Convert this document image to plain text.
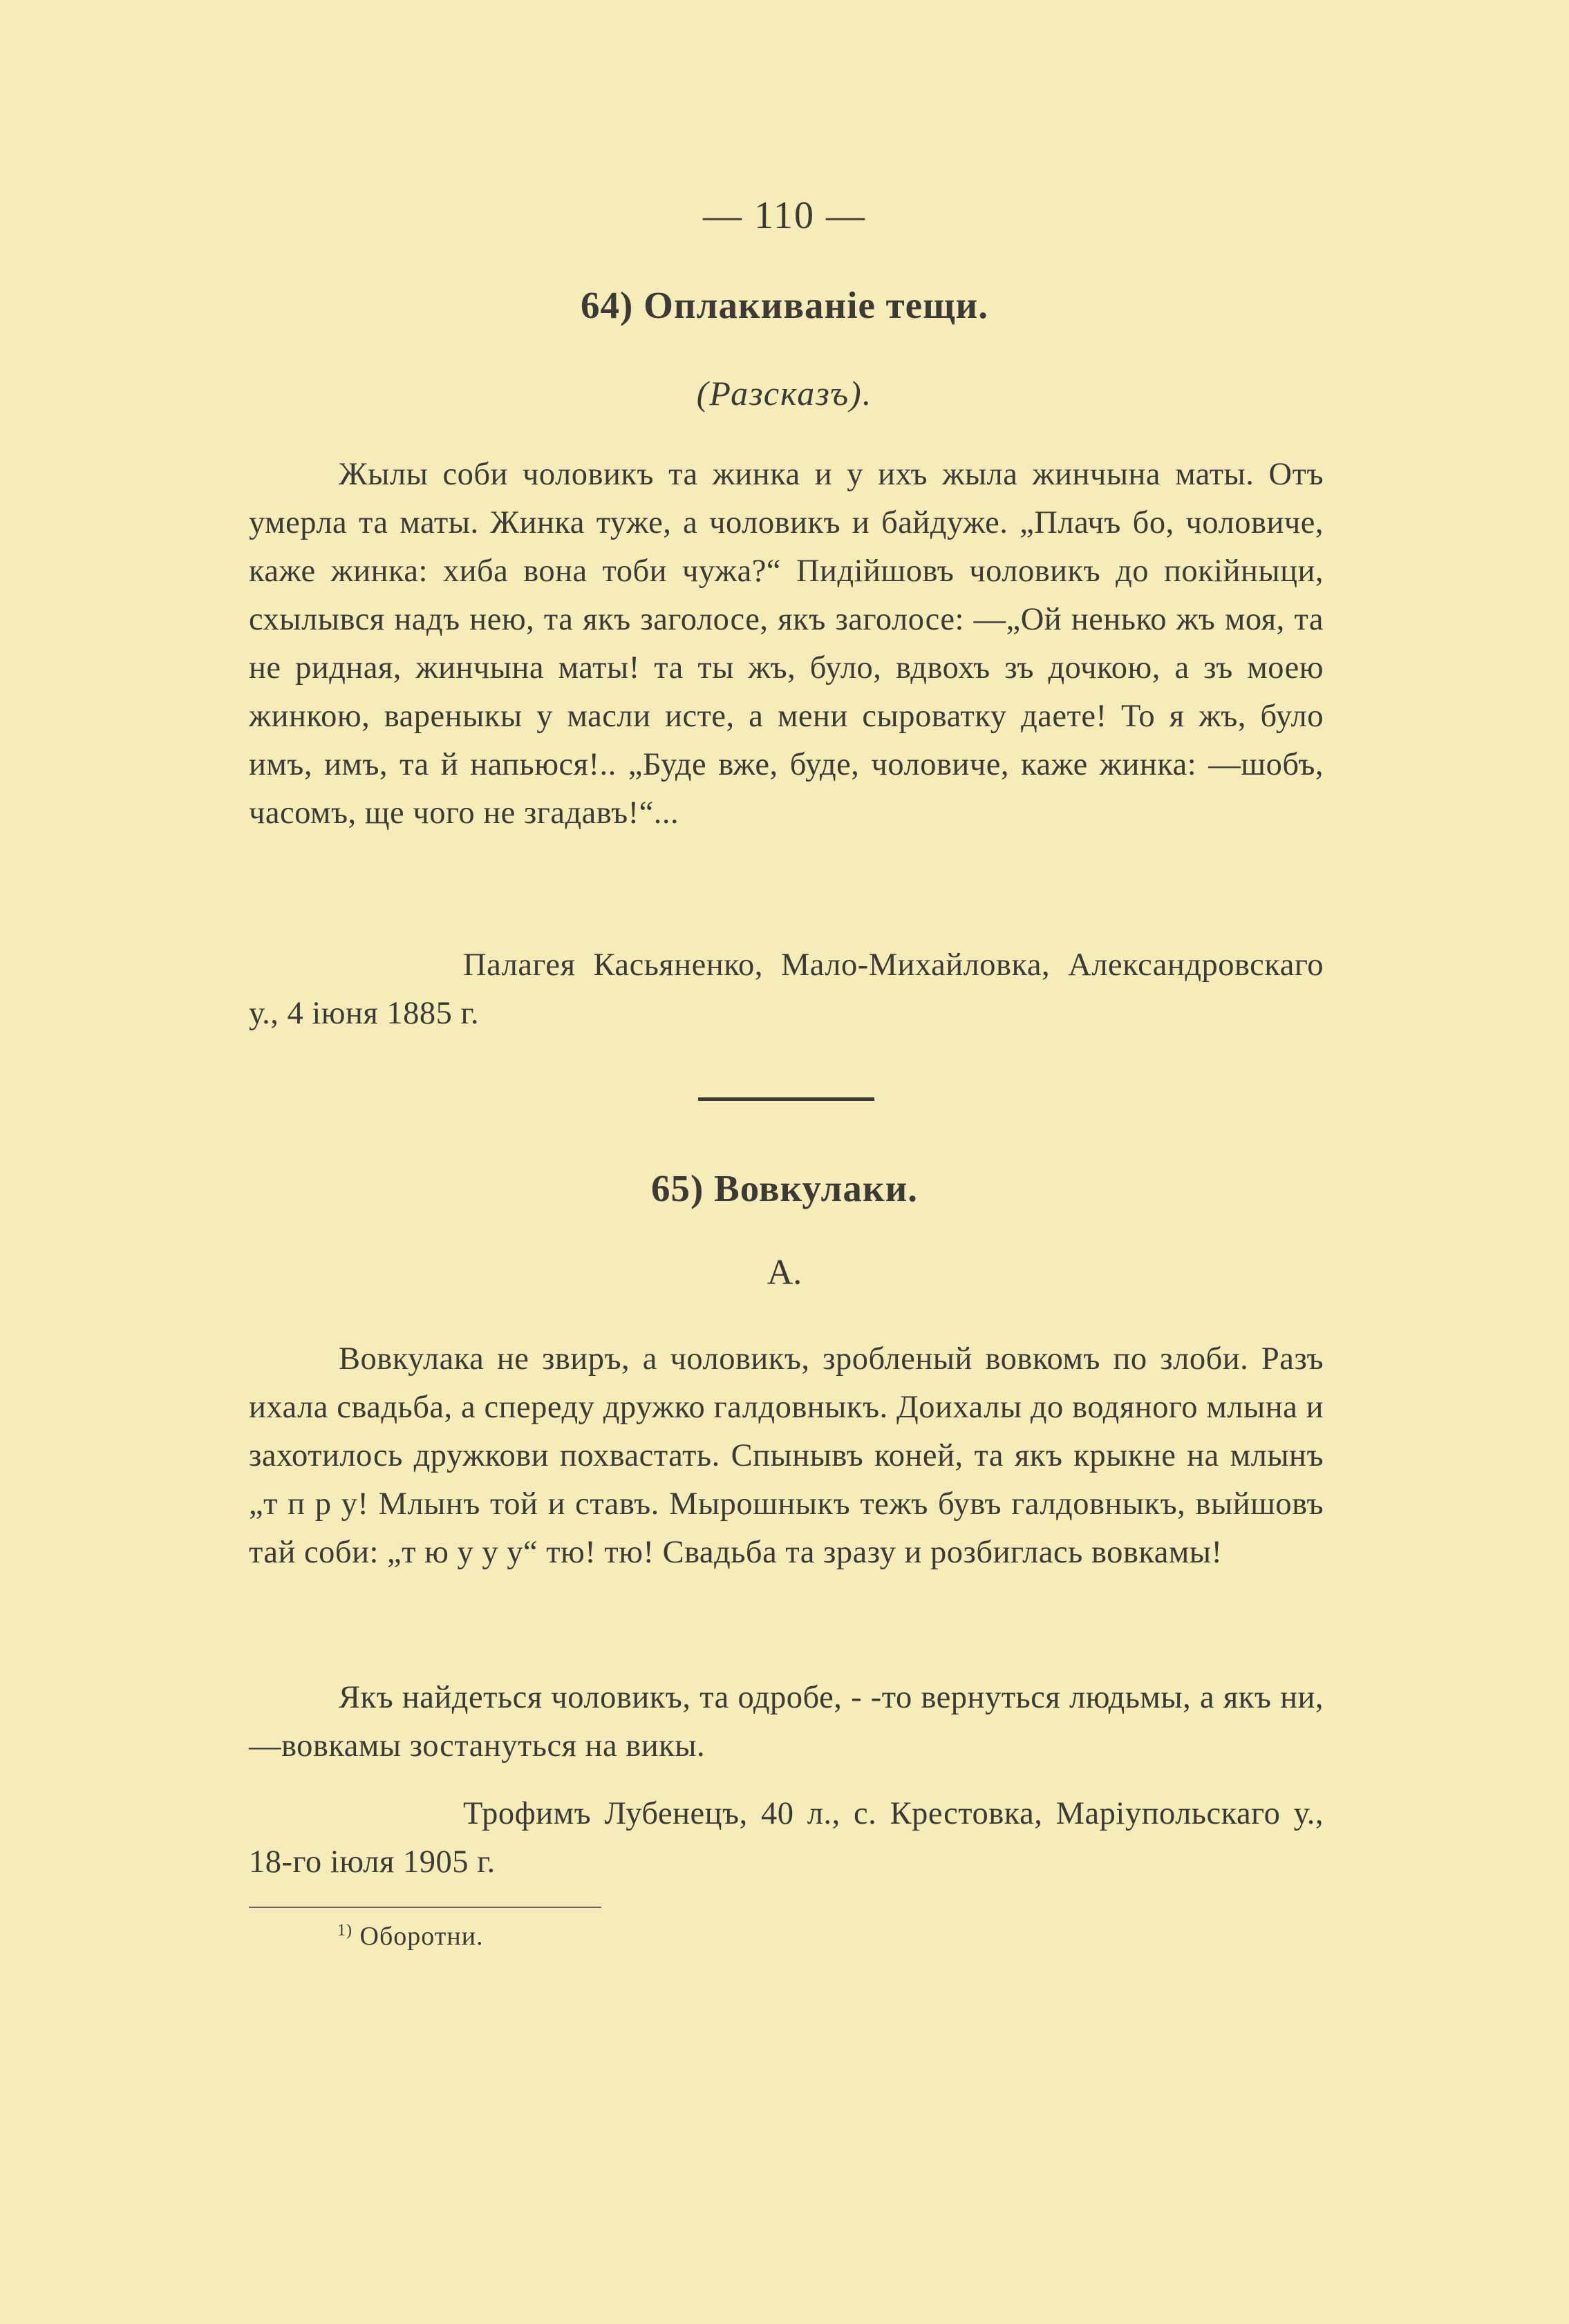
— 110 —
64) Оплакиваніе тещи.
(Разсказъ).
Жылы соби чоловикъ та жинка и у ихъ жыла жинчына маты. Отъ умерла та маты. Жинка туже, а чоловикъ и байдуже. „Плачъ бо, чоловиче, каже жинка: хиба вона тоби чужа?“ Пидійшовъ чоловикъ до покійныци, схылывся надъ нею, та якъ заголосе, якъ заголосе: —„Ой ненько жъ моя, та не ридная, жинчына маты! та ты жъ, було, вдвохъ зъ дочкою, а зъ моею жинкою, вареныкы у масли исте, а мени сыроватку даете! То я жъ, було имъ, имъ, та й напьюся!.. „Буде вже, буде, чоловиче, каже жинка: —шобъ, часомъ, ще чого не згадавъ!“...
Палагея Касьяненко, Мало-Михайловка, Александровскаго у., 4 іюня 1885 г.
65) Вовкулаки.
А.
Вовкулака не звиръ, а чоловикъ, зробленый вовкомъ по злоби. Разъ ихала свадьба, а спереду дружко галдовныкъ. Доихалы до водяного млына и захотилось дружкови похвастать. Спынывъ коней, та якъ крыкне на млынъ „т п р у! Млынъ той и ставъ. Мырошныкъ тежъ бувъ галдовныкъ, выйшовъ тай соби: „т ю у у у“ тю! тю! Свадьба та зразу и розбиглась вовкамы!
Якъ найдеться чоловикъ, та одробе, - -то вернуться людьмы, а якъ ни,—вовкамы зостануться на викы.
Трофимъ Лубенецъ, 40 л., с. Крестовка, Маріупольскаго у., 18-го іюля 1905 г.
$^{1)}$ Оборотни.
